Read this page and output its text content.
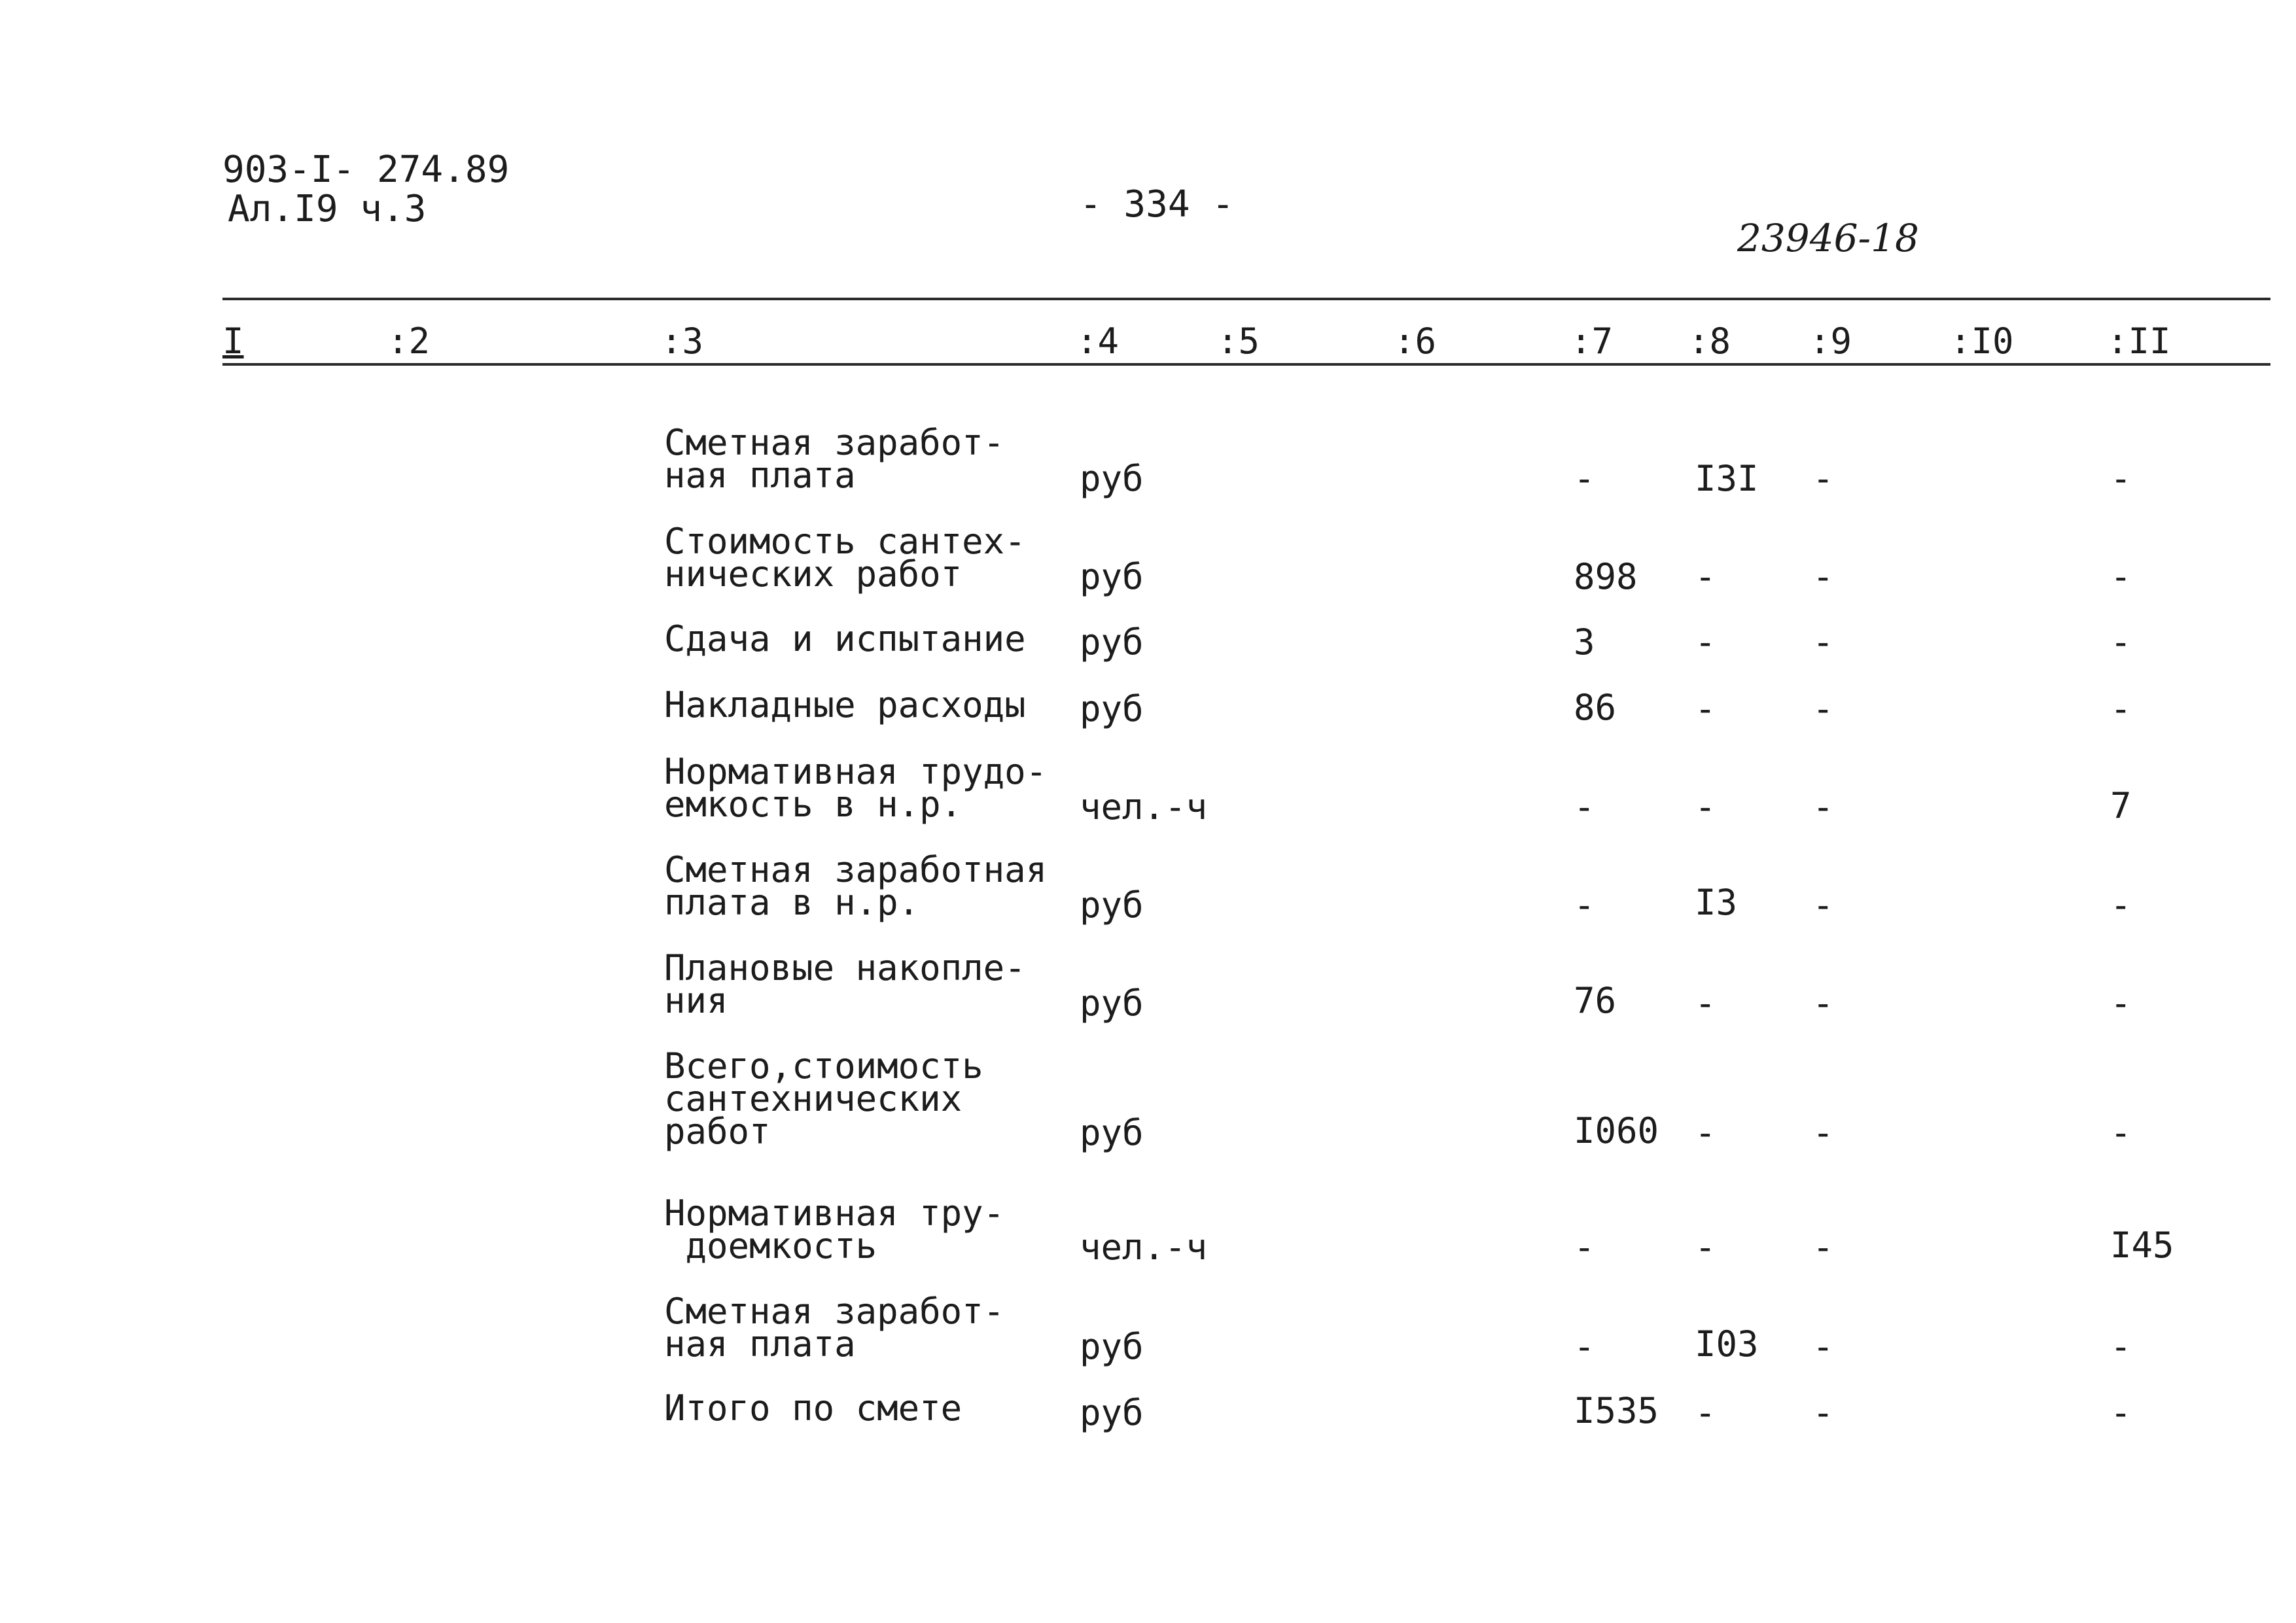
903-I- 274.89
Ал.I9 ч.3	- 334 -
23946-18
I	:2	:3	:4	:5	:6	:7 :8 :9	:I0	:II
Сметная заработ-
ная плата	руб	-	I3I -	-
Стоимость сантех-
нических работ	руб	898 -	-	-
Сдача и испытание руб	3	-	-	-
Накладные расходы руб	86 -	-	-
Нормативная трудо-
емкость в н.р.	чел.-ч	-	-	-	7
Сметная заработная
плата в н.р.	руб	-	I3 -	-
Плановые накопле-
ния	руб	76 -	-	-
Всего,стоимость
сантехнических
работ	руб	I060 -	-	-
Нормативная тру-
доемкость	чел.-ч	-	-	-	I45
Сметная заработ-
ная плата	руб	-	I03 -	-
Итого по смете	руб	I535 -	-	-
